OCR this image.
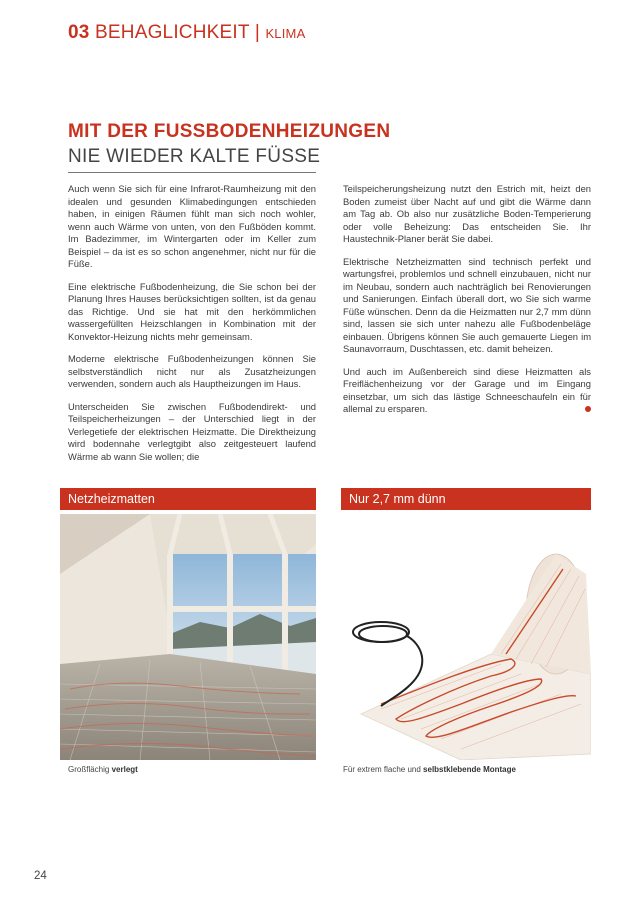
03 BEHAGLICHKEIT | KLIMA
MIT DER FUSSBODENHEIZUNGEN
NIE WIEDER KALTE FÜSSE

Auch wenn Sie sich für eine Infrarot-Raumheizung mit den idealen und gesunden Klimabedingungen entschieden haben, in einigen Räumen fühlt man sich noch wohler, wenn auch Wärme von unten, von den Fußböden kommt. Im Badezimmer, im Wintergarten oder im Keller zum Beispiel – da ist es so schon angenehmer, nicht nur für die Füße.

Eine elektrische Fußbodenheizung, die Sie schon bei der Planung Ihres Hauses berücksichtigen sollten, ist da genau das Richtige. Und sie hat mit den herkömmlichen wassergefüllten Heizschlangen in Kombination mit der Konvektor-Heizung nichts mehr gemeinsam.

Moderne elektrische Fußbodenheizungen können Sie selbstverständlich nicht nur als Zusatzheizungen verwenden, sondern auch als Hauptheizungen im Haus.

Unterscheiden Sie zwischen Fußbodendirekt- und Teilspeicherheizungen – der Unterschied liegt in der Verlegetiefe der elektrischen Heizmatte. Die Direktheizung wird bodennahe verlegtgibt also zeitgesteuert laufend Wärme ab wann Sie wollen; die

Teilspeicherungsheizung nutzt den Estrich mit, heizt den Boden zumeist über Nacht auf und gibt die Wärme dann am Tag ab. Ob also nur zusätzliche Boden-Temperierung oder volle Beheizung: Das entscheiden Sie. Ihr Haustechnik-Planer berät Sie dabei.

Elektrische Netzheizmatten sind technisch perfekt und wartungsfrei, problemlos und schnell einzubauen, nicht nur im Neubau, sondern auch nachträglich bei Renovierungen und Sanierungen. Einfach überall dort, wo Sie sich warme Füße wünschen. Denn da die Heizmatten nur 2,7 mm dünn sind, lassen sie sich unter nahezu alle Fußbodenbeläge einbauen. Übrigens können Sie auch gemauerte Liegen im Saunavorraum, Duschtassen, etc. damit beheizen.

Und auch im Außenbereich sind diese Heizmatten als Freiflächenheizung vor der Garage und im Eingang einsetzbar, um sich das lästige Schneeschaufeln ein für allemal zu ersparen.

Netzheizmatten	Nur 2,7 mm dünn
Großflächig verlegt	Für extrem flache und selbstklebende Montage
24
